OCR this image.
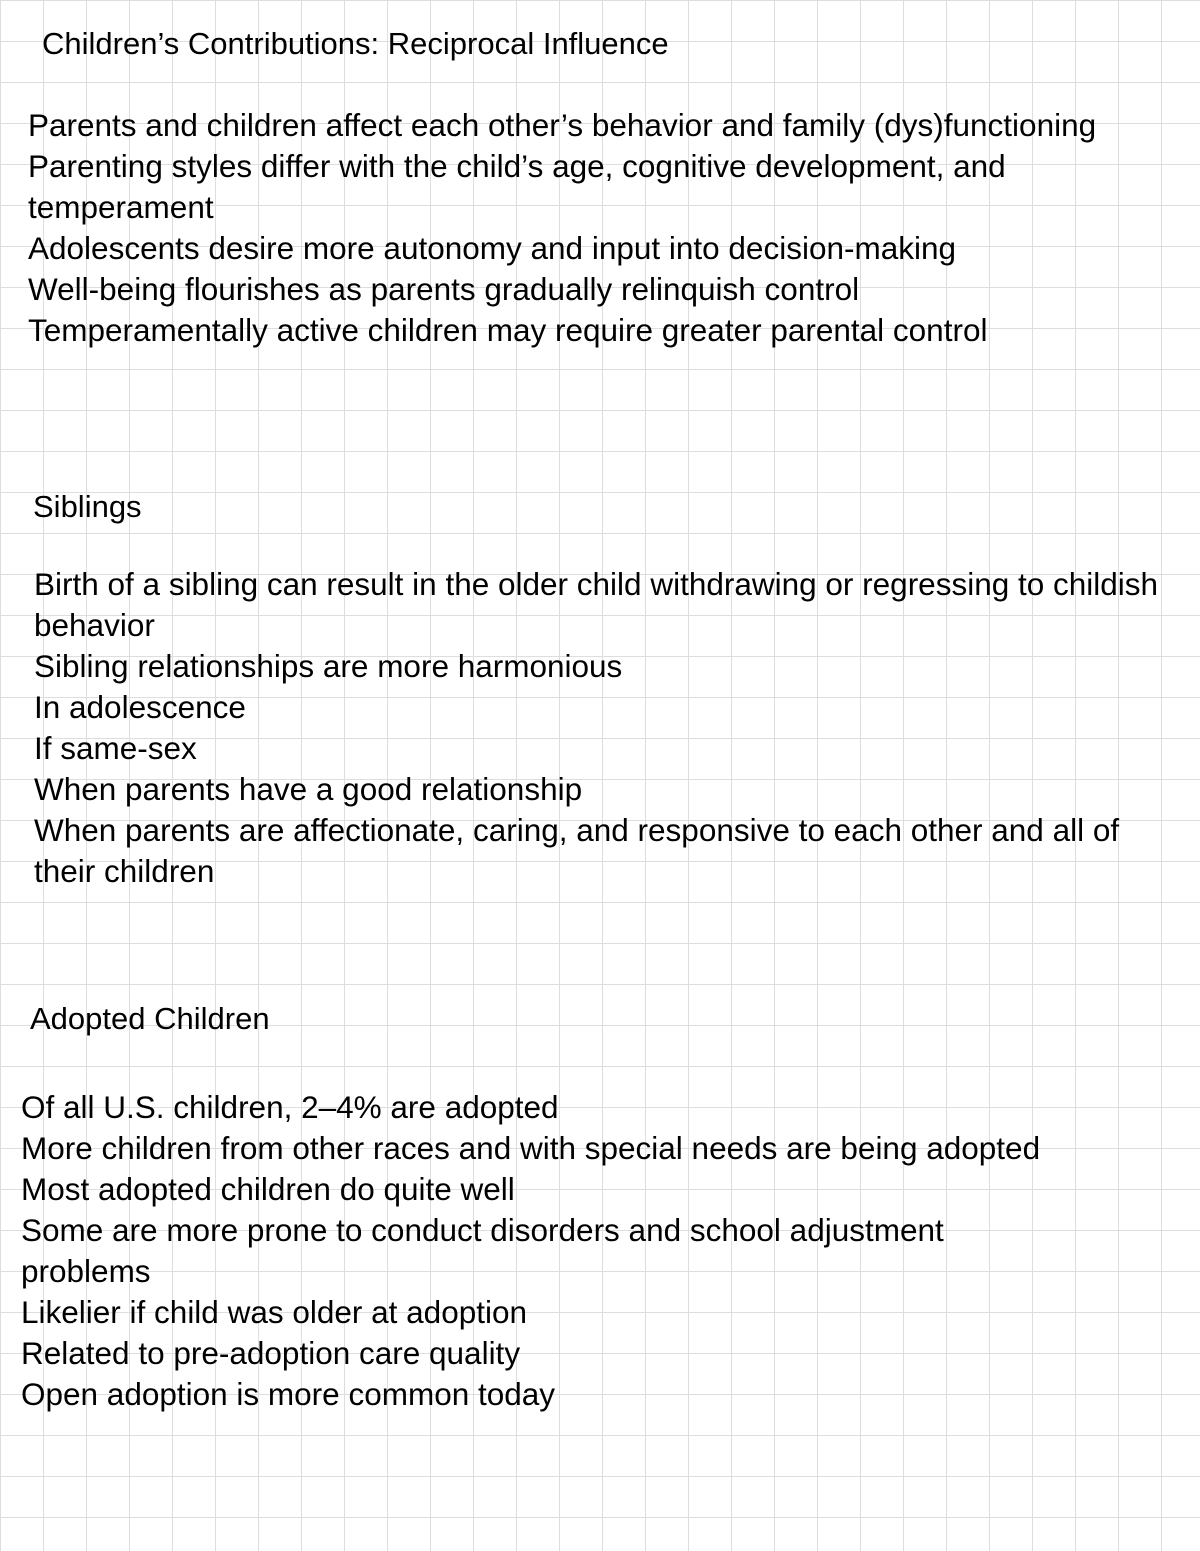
Children’s Contributions: Reciprocal Influence
Parents and children affect each other’s behavior and family (dys)functioning
Parenting styles differ with the child’s age, cognitive development, and temperament
Adolescents desire more autonomy and input into decision-making
Well-being flourishes as parents gradually relinquish control
Temperamentally active children may require greater parental control
Siblings
Birth of a sibling can result in the older child withdrawing or regressing to childish behavior
Sibling relationships are more harmonious
In adolescence
If same-sex
When parents have a good relationship
When parents are affectionate, caring, and responsive to each other and all of their children
Adopted Children
Of all U.S. children, 2–4% are adopted
More children from other races and with special needs are being adopted
Most adopted children do quite well
Some are more prone to conduct disorders and school adjustment problems
Likelier if child was older at adoption
Related to pre-adoption care quality
Open adoption is more common today
